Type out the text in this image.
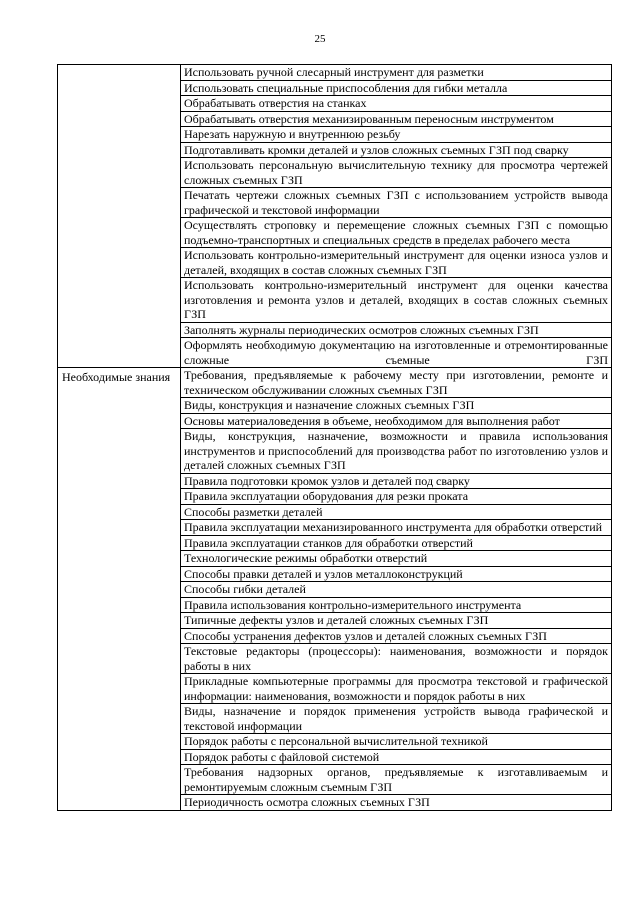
25
	Использовать ручной слесарный инструмент для разметки
	Использовать специальные приспособления для гибки металла
	Обрабатывать отверстия на станках
	Обрабатывать отверстия механизированным переносным инструментом
	Нарезать наружную и внутреннюю резьбу
	Подготавливать кромки деталей и узлов сложных съемных ГЗП под сварку
	Использовать персональную вычислительную технику для просмотра чертежей сложных съемных ГЗП
	Печатать чертежи сложных съемных ГЗП с использованием устройств вывода графической и текстовой информации
	Осуществлять строповку и перемещение сложных съемных ГЗП с помощью подъемно-транспортных и специальных средств в пределах рабочего места
	Использовать контрольно-измерительный инструмент для оценки износа узлов и деталей, входящих в состав сложных съемных ГЗП
	Использовать контрольно-измерительный инструмент для оценки качества изготовления и ремонта узлов и деталей, входящих в состав сложных съемных ГЗП
	Заполнять журналы периодических осмотров сложных съемных ГЗП
	Оформлять необходимую документацию на изготовленные и отремонтированные сложные съемные ГЗП
Необходимые знания	Требования, предъявляемые к рабочему месту при изготовлении, ремонте и техническом обслуживании сложных съемных ГЗП
	Виды, конструкция и назначение сложных съемных ГЗП
	Основы материаловедения в объеме, необходимом для выполнения работ
	Виды, конструкция, назначение, возможности и правила использования инструментов и приспособлений для производства работ по изготовлению узлов и деталей сложных съемных ГЗП
	Правила подготовки кромок узлов и деталей под сварку
	Правила эксплуатации оборудования для резки проката
	Способы разметки деталей
	Правила эксплуатации механизированного инструмента для обработки отверстий
	Правила эксплуатации станков для обработки отверстий
	Технологические режимы обработки отверстий
	Способы правки деталей и узлов металлоконструкций
	Способы гибки деталей
	Правила использования контрольно-измерительного инструмента
	Типичные дефекты узлов и деталей сложных съемных ГЗП
	Способы устранения дефектов узлов и деталей сложных съемных ГЗП
	Текстовые редакторы (процессоры): наименования, возможности и порядок работы в них
	Прикладные компьютерные программы для просмотра текстовой и графической информации: наименования, возможности и порядок работы в них
	Виды, назначение и порядок применения устройств вывода графической и текстовой информации
	Порядок работы с персональной вычислительной техникой
	Порядок работы с файловой системой
	Требования надзорных органов, предъявляемые к изготавливаемым и ремонтируемым сложным съемным ГЗП
	Периодичность осмотра сложных съемных ГЗП
